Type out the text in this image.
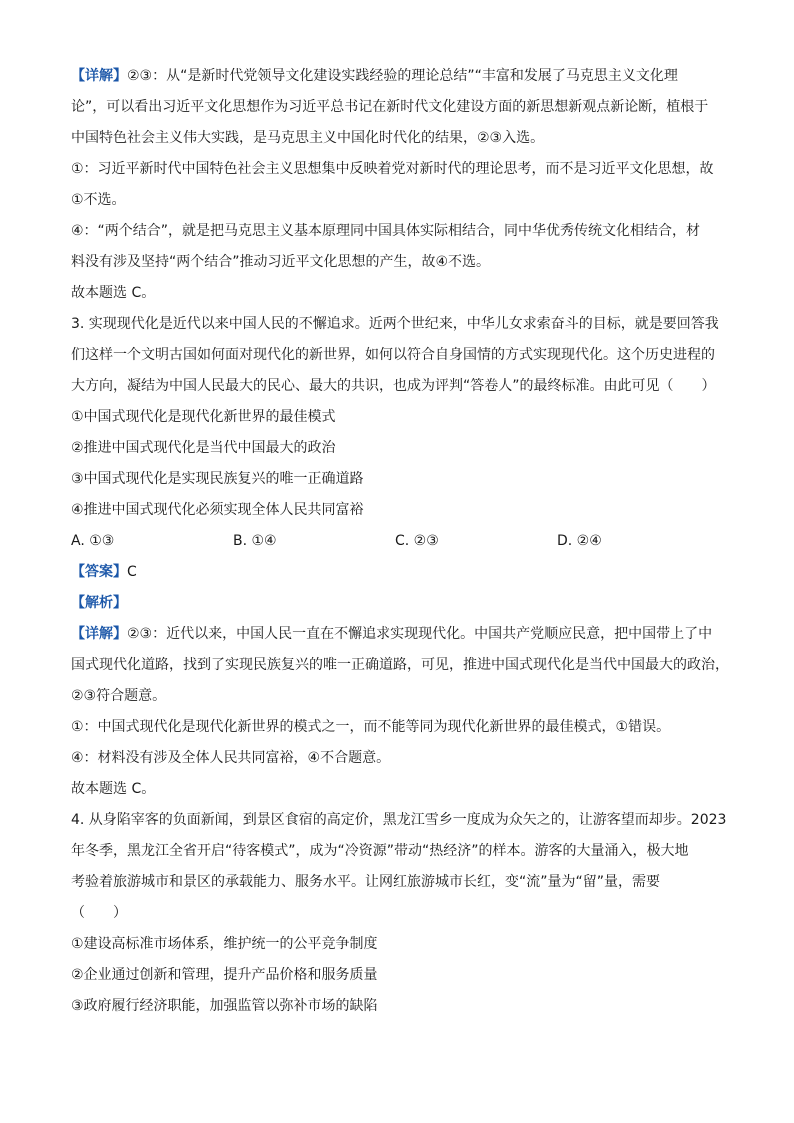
【详解】②③：从“是新时代党领导文化建设实践经验的理论总结”“丰富和发展了马克思主义文化理
论”，可以看出习近平文化思想作为习近平总书记在新时代文化建设方面的新思想新观点新论断，植根于
中国特色社会主义伟大实践，是马克思主义中国化时代化的结果，②③入选。
①：习近平新时代中国特色社会主义思想集中反映着党对新时代的理论思考，而不是习近平文化思想，故
①不选。
④：“两个结合”，就是把马克思主义基本原理同中国具体实际相结合，同中华优秀传统文化相结合，材
料没有涉及坚持“两个结合”推动习近平文化思想的产生，故④不选。
故本题选 C。
3. 实现现代化是近代以来中国人民的不懈追求。近两个世纪来，中华儿女求索奋斗的目标，就是要回答我
们这样一个文明古国如何面对现代化的新世界，如何以符合自身国情的方式实现现代化。这个历史进程的
大方向，凝结为中国人民最大的民心、最大的共识，也成为评判“答卷人”的最终标准。由此可见（　　）
①中国式现代化是现代化新世界的最佳模式
②推进中国式现代化是当代中国最大的政治
③中国式现代化是实现民族复兴的唯一正确道路
④推进中国式现代化必须实现全体人民共同富裕
A. ①③	B. ①④	C. ②③	D. ②④
【答案】C
【解析】
【详解】②③：近代以来，中国人民一直在不懈追求实现现代化。中国共产党顺应民意，把中国带上了中
国式现代化道路，找到了实现民族复兴的唯一正确道路，可见，推进中国式现代化是当代中国最大的政治，
②③符合题意。
①：中国式现代化是现代化新世界的模式之一，而不能等同为现代化新世界的最佳模式，①错误。
④：材料没有涉及全体人民共同富裕，④不合题意。
故本题选 C。
4. 从身陷宰客的负面新闻，到景区食宿的高定价，黑龙江雪乡一度成为众矢之的，让游客望而却步。2023
年冬季，黑龙江全省开启“待客模式”，成为“冷资源”带动“热经济”的样本。游客的大量涌入，极大地
考验着旅游城市和景区的承载能力、服务水平。让网红旅游城市长红，变“流”量为“留”量，需要
（　　）
①建设高标准市场体系，维护统一的公平竞争制度
②企业通过创新和管理，提升产品价格和服务质量
③政府履行经济职能，加强监管以弥补市场的缺陷
